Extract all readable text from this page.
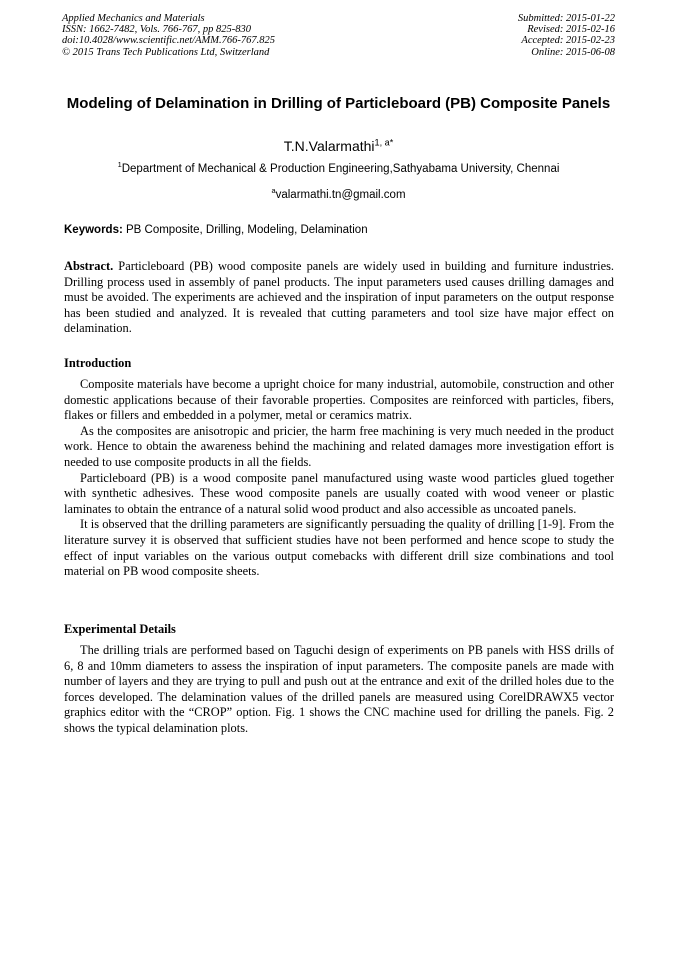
Applied Mechanics and Materials
ISSN: 1662-7482, Vols. 766-767, pp 825-830
doi:10.4028/www.scientific.net/AMM.766-767.825
© 2015 Trans Tech Publications Ltd, Switzerland
Submitted: 2015-01-22
Revised: 2015-02-16
Accepted: 2015-02-23
Online: 2015-06-08
Modeling of Delamination in Drilling of Particleboard (PB) Composite Panels
T.N.Valarmathi$^{1, a*}$
$^1$Department of Mechanical & Production Engineering,Sathyabama University, Chennai
$^a$valarmathi.tn@gmail.com
Keywords: PB Composite, Drilling, Modeling, Delamination

Abstract. Particleboard (PB) wood composite panels are widely used in building and furniture industries. Drilling process used in assembly of panel products. The input parameters used causes drilling damages and must be avoided. The experiments are achieved and the inspiration of input parameters on the output response has been studied and analyzed. It is revealed that cutting parameters and tool size have major effect on delamination.

Introduction

Composite materials have become a upright choice for many industrial, automobile, construction and other domestic applications because of their favorable properties. Composites are reinforced with particles, fibers, flakes or fillers and embedded in a polymer, metal or ceramics matrix.

As the composites are anisotropic and pricier, the harm free machining is very much needed in the product work. Hence to obtain the awareness behind the machining and related damages more investigation effort is needed to use composite products in all the fields.

Particleboard (PB) is a wood composite panel manufactured using waste wood particles glued together with synthetic adhesives. These wood composite panels are usually coated with wood veneer or plastic laminates to obtain the entrance of a natural solid wood product and also accessible as uncoated panels.

It is observed that the drilling parameters are significantly persuading the quality of drilling [1-9]. From the literature survey it is observed that sufficient studies have not been performed and hence scope to study the effect of input variables on the various output comebacks with different drill size combinations and tool material on PB wood composite sheets.

Experimental Details

The drilling trials are performed based on Taguchi design of experiments on PB panels with HSS drills of 6, 8 and 10mm diameters to assess the inspiration of input parameters. The composite panels are made with number of layers and they are trying to pull and push out at the entrance and exit of the drilled holes due to the forces developed. The delamination values of the drilled panels are measured using CorelDRAWX5 vector graphics editor with the “CROP” option. Fig. 1 shows the CNC machine used for drilling the panels. Fig. 2 shows the typical delamination plots.
